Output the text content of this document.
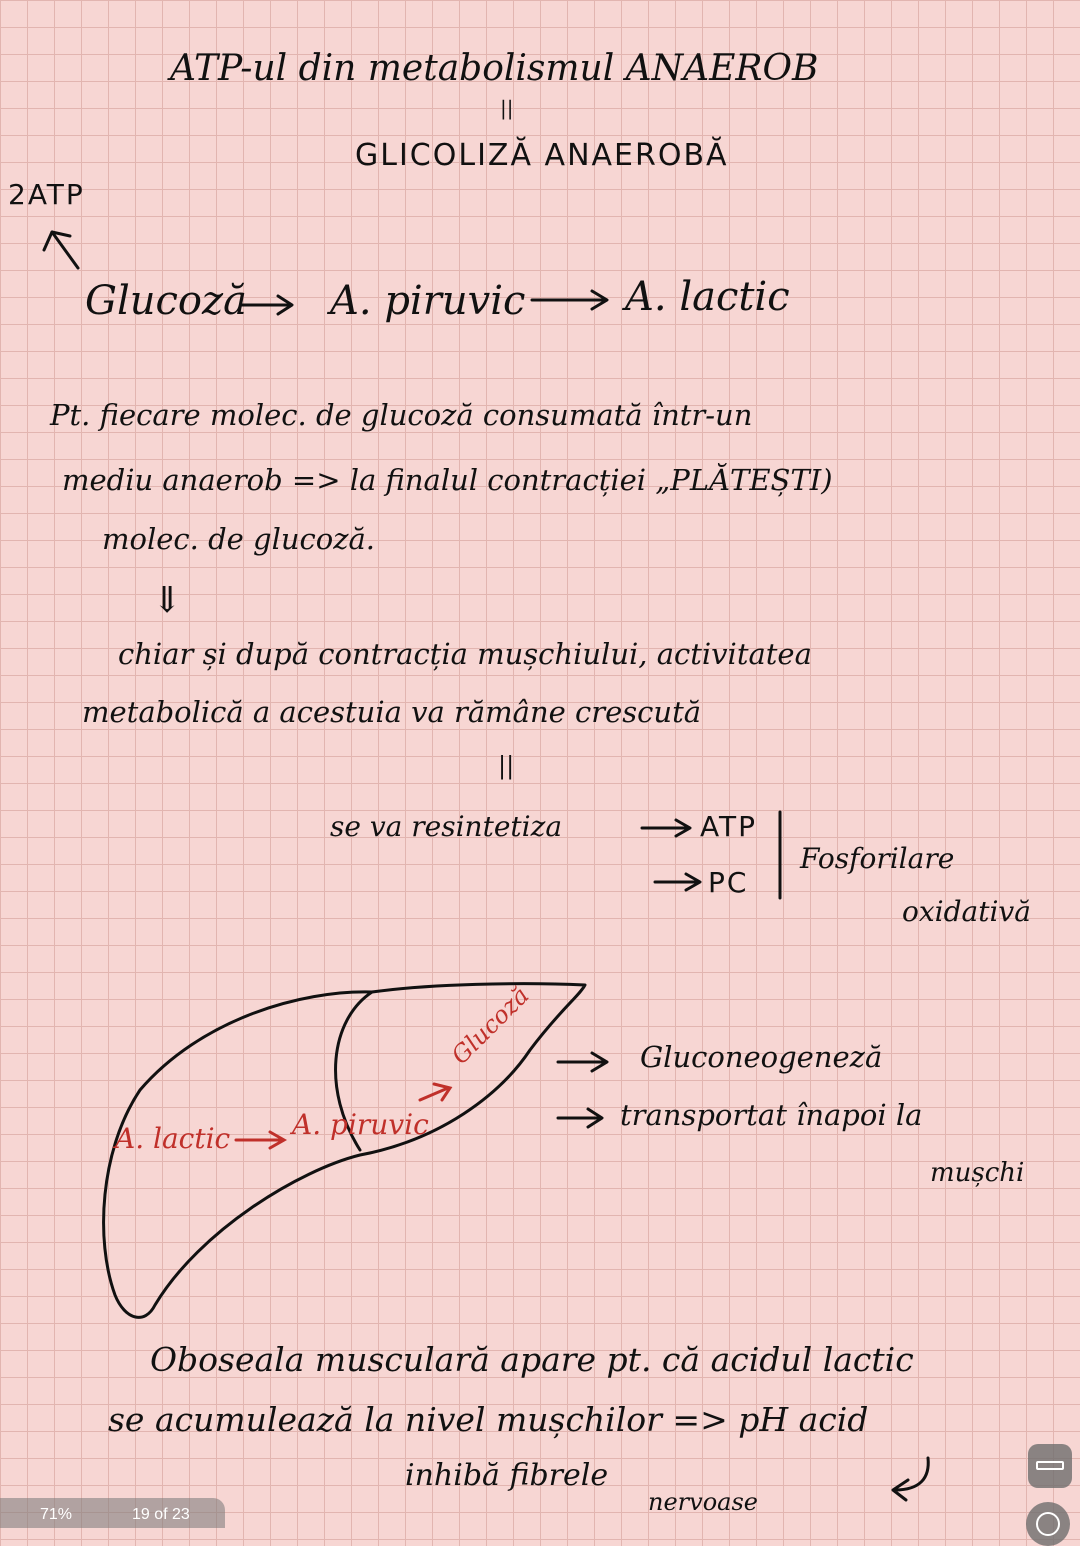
ATP-ul din metabolismul ANAEROB
||
GLICOLIZĂ ANAEROBĂ
2ATP
Glucoză A. piruvic A. lactic
Pt. fiecare molec. de glucoză consumată într-un
mediu anaerob => la finalul contracției „PLĂTEȘTI)
molec. de glucoză.
⇓
chiar și după contracția mușchiului, activitatea
metabolică a acestuia va rămâne crescută
||
se va resintetiza	ATP
PC
Fosforilare
oxidativă
A. lactic A. piruvic
Glucoză	Gluconeogeneză
transportat înapoi la
mușchi
Oboseala musculară apare pt. că acidul lactic
se acumulează la nivel mușchilor => pH acid
inhibă fibrele
nervoase
71%	19 of 23
